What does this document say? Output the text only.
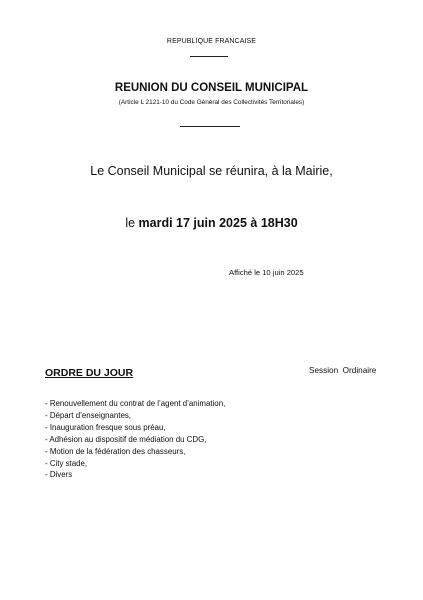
REPUBLIQUE FRANCAISE
REUNION DU CONSEIL MUNICIPAL
(Article L 2121-10 du Code Général des Collectivités Territoriales)
Le Conseil Municipal se réunira, à la Mairie,
le mardi 17 juin 2025 à 18H30
Affiché le 10 juin 2025
ORDRE DU JOUR	Session  Ordinaire
- Renouvellement du contrat de l’agent d’animation,
- Départ d’enseignantes,
- Inauguration fresque sous préau,
- Adhésion au dispositif de médiation du CDG,
- Motion de la fédération des chasseurs,
- City stade,
- Divers
